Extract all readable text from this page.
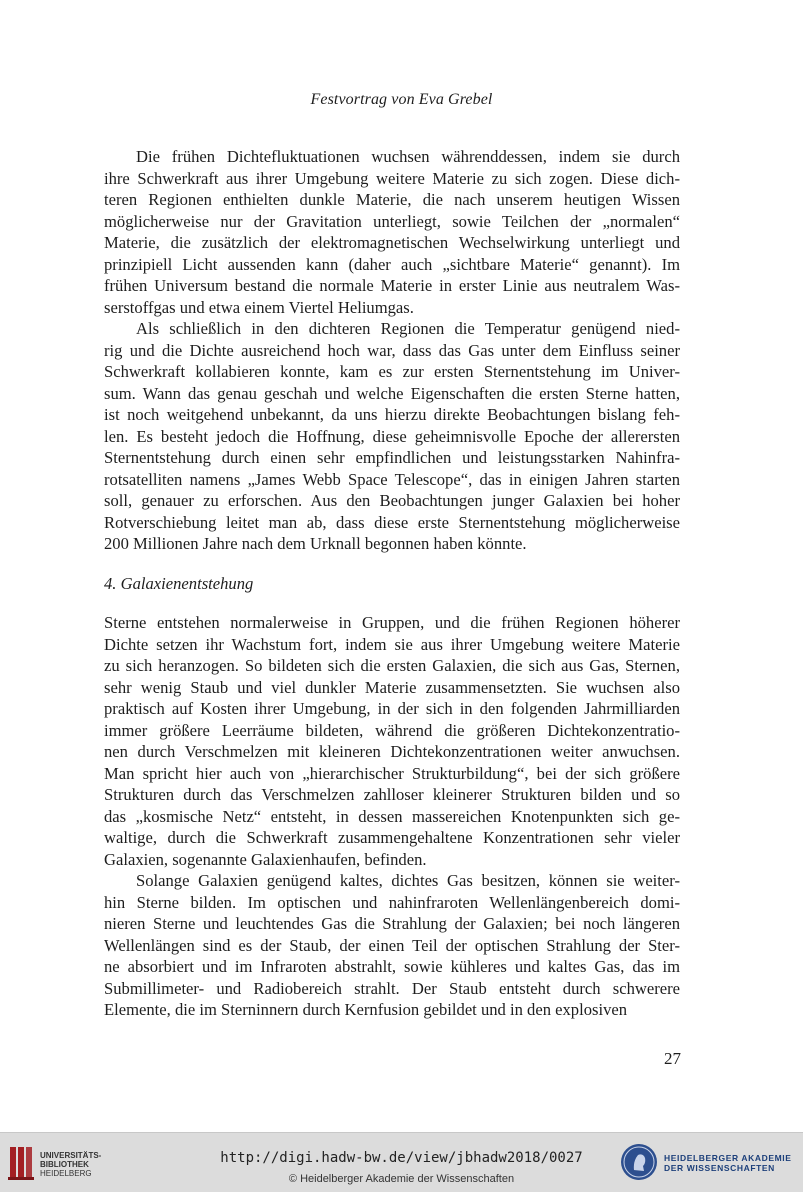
Festvortrag von Eva Grebel
Die frühen Dichtefluktuationen wuchsen währenddessen, indem sie durch
ihre Schwerkraft aus ihrer Umgebung weitere Materie zu sich zogen. Diese dich-
teren Regionen enthielten dunkle Materie, die nach unserem heutigen Wissen
möglicherweise nur der Gravitation unterliegt, sowie Teilchen der „normalen“
Materie, die zusätzlich der elektromagnetischen Wechselwirkung unterliegt und
prinzipiell Licht aussenden kann (daher auch „sichtbare Materie“ genannt). Im
frühen Universum bestand die normale Materie in erster Linie aus neutralem Was-
serstoffgas und etwa einem Viertel Heliumgas.
Als schließlich in den dichteren Regionen die Temperatur genügend nied-
rig und die Dichte ausreichend hoch war, dass das Gas unter dem Einfluss seiner
Schwerkraft kollabieren konnte, kam es zur ersten Sternentstehung im Univer-
sum. Wann das genau geschah und welche Eigenschaften die ersten Sterne hatten,
ist noch weitgehend unbekannt, da uns hierzu direkte Beobachtungen bislang feh-
len. Es besteht jedoch die Hoffnung, diese geheimnisvolle Epoche der allerersten
Sternentstehung durch einen sehr empfindlichen und leistungsstarken Nahinfra-
rotsatelliten namens „James Webb Space Telescope“, das in einigen Jahren starten
soll, genauer zu erforschen. Aus den Beobachtungen junger Galaxien bei hoher
Rotverschiebung leitet man ab, dass diese erste Sternentstehung möglicherweise
200 Millionen Jahre nach dem Urknall begonnen haben könnte.
4. Galaxienentstehung
Sterne entstehen normalerweise in Gruppen, und die frühen Regionen höherer
Dichte setzen ihr Wachstum fort, indem sie aus ihrer Umgebung weitere Materie
zu sich heranzogen. So bildeten sich die ersten Galaxien, die sich aus Gas, Sternen,
sehr wenig Staub und viel dunkler Materie zusammensetzten. Sie wuchsen also
praktisch auf Kosten ihrer Umgebung, in der sich in den folgenden Jahrmilliarden
immer größere Leerräume bildeten, während die größeren Dichtekonzentratio-
nen durch Verschmelzen mit kleineren Dichtekonzentrationen weiter anwuchsen.
Man spricht hier auch von „hierarchischer Strukturbildung“, bei der sich größere
Strukturen durch das Verschmelzen zahlloser kleinerer Strukturen bilden und so
das „kosmische Netz“ entsteht, in dessen massereichen Knotenpunkten sich ge-
waltige, durch die Schwerkraft zusammengehaltene Konzentrationen sehr vieler
Galaxien, sogenannte Galaxienhaufen, befinden.
Solange Galaxien genügend kaltes, dichtes Gas besitzen, können sie weiter-
hin Sterne bilden. Im optischen und nahinfraroten Wellenlängenbereich domi-
nieren Sterne und leuchtendes Gas die Strahlung der Galaxien; bei noch längeren
Wellenlängen sind es der Staub, der einen Teil der optischen Strahlung der Ster-
ne absorbiert und im Infraroten abstrahlt, sowie kühleres und kaltes Gas, das im
Submillimeter- und Radiobereich strahlt. Der Staub entsteht durch schwerere
Elemente, die im Sterninnern durch Kernfusion gebildet und in den explosiven
27
UNIVERSITÄTS-
BIBLIOTHEK
HEIDELBERG
http://digi.hadw-bw.de/view/jbhadw2018/0027
© Heidelberger Akademie der Wissenschaften
HEIDELBERGER AKADEMIE
DER WISSENSCHAFTEN
